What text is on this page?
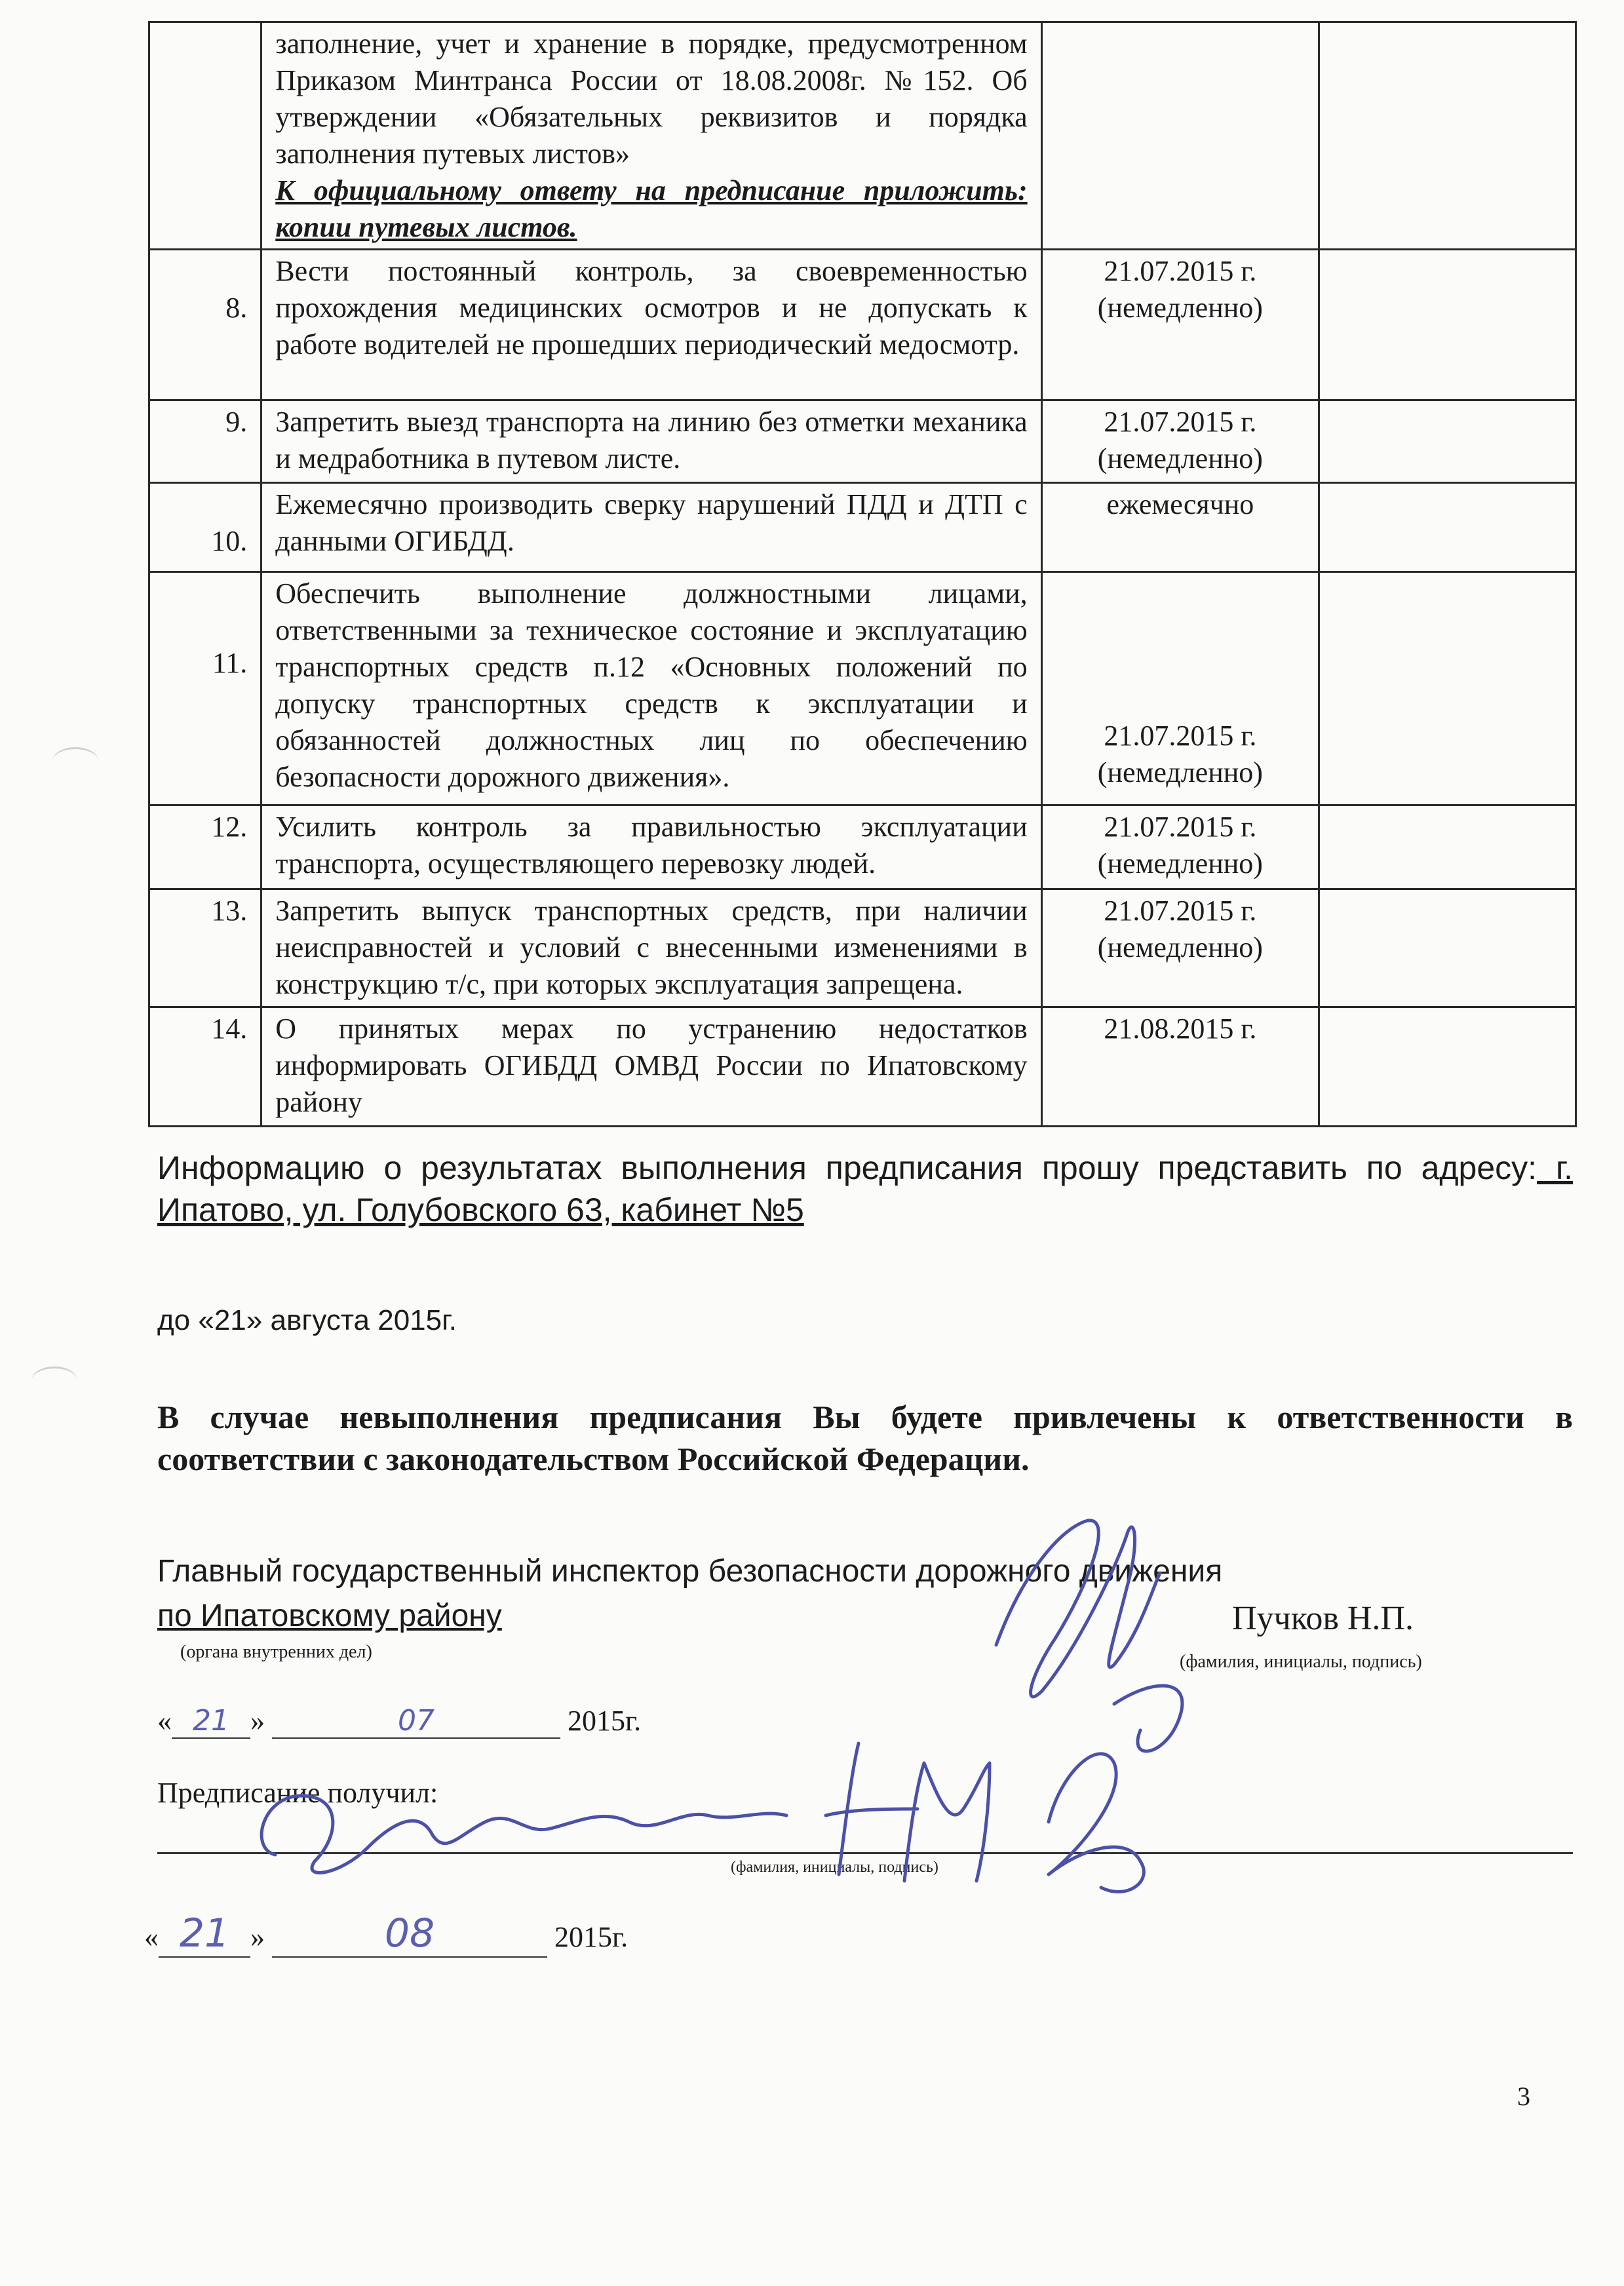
	заполнение, учет и хранение в порядке, предусмотренном Приказом Минтранса России от 18.08.2008г. №152. Об утверждении «Обязательных реквизитов и порядка заполнения путевых листов»
К официальному ответу на предписание приложить: копии путевых листов.		

8.	Вести постоянный контроль, за своевременностью прохождения медицинских осмотров и не допускать к работе водителей не прошедших периодический медосмотр.	21.07.2015 г.
(немедленно)	

9.	Запретить выезд транспорта на линию без отметки механика и медработника в путевом листе.	21.07.2015 г.
(немедленно)	

10.	Ежемесячно производить сверку нарушений ПДД и ДТП с данными ОГИБДД.	ежемесячно	

11.	Обеспечить выполнение должностными лицами, ответственными за техническое состояние и эксплуатацию транспортных средств п.12 «Основных положений по допуску транспортных средств к эксплуатации и обязанностей должностных лиц по обеспечению безопасности дорожного движения».	21.07.2015 г.
(немедленно)	

12.	Усилить контроль за правильностью эксплуатации транспорта, осуществляющего перевозку людей.	21.07.2015 г.
(немедленно)	

13.	Запретить выпуск транспортных средств, при наличии неисправностей и условий с внесенными изменениями в конструкцию т/с, при которых эксплуатация запрещена.	21.07.2015 г.
(немедленно)	

14.	О принятых мерах по устранению недостатков информировать ОГИБДД ОМВД России по Ипатовскому району	21.08.2015 г.	

Информацию о результатах выполнения предписания прошу представить по адресу: г. Ипатово, ул. Голубовского 63, кабинет №5
до «21» августа 2015г.
В случае невыполнения предписания Вы будете привлечены к ответственности в соответствии с законодательством Российской Федерации.
Главный государственный инспектор безопасности дорожного движения
по Ипатовскому району
(органа внутренних дел)
Пучков Н.П.
(фамилия, инициалы, подпись)
« 21 »	07	2015г.
Предписание получил:
(фамилия, инициалы, подпись)
« 21 »	08	2015г.
3
